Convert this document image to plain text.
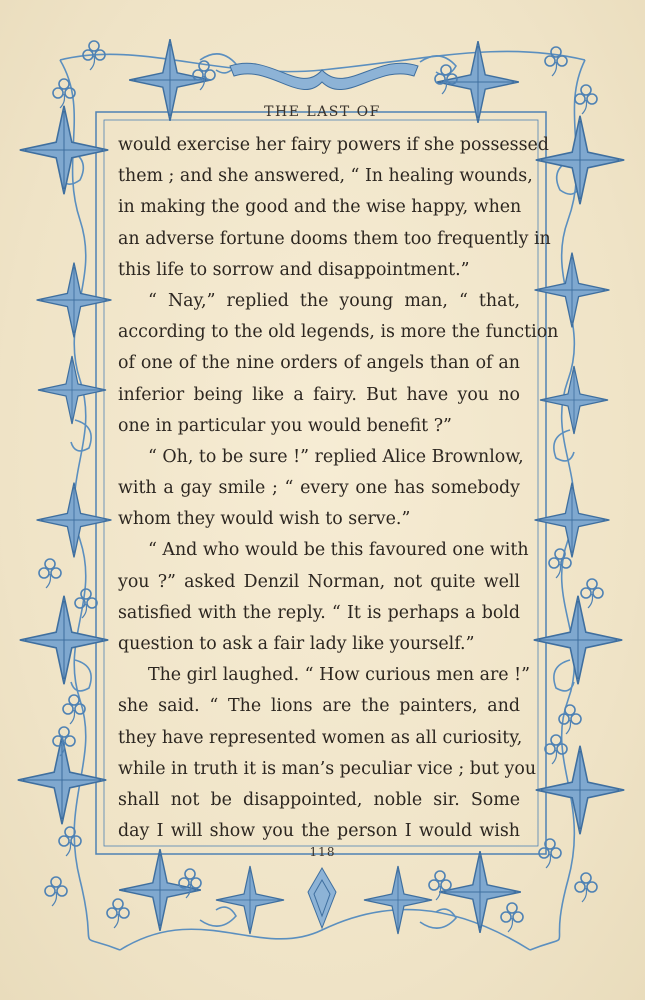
THE LAST OF
would exercise her fairy powers if she possessed
them ; and she answered, “ In healing wounds,
in making the good and the wise happy, when
an adverse fortune dooms them too frequently in
this life to sorrow and disappointment.”
“ Nay,” replied the young man, “ that,
according to the old legends, is more the function
of one of the nine orders of angels than of an
inferior being like a fairy. But have you no
one in particular you would benefit ?”
“ Oh, to be sure !” replied Alice Brownlow,
with a gay smile ; “ every one has somebody
whom they would wish to serve.”
“ And who would be this favoured one with
you ?” asked Denzil Norman, not quite well
satisfied with the reply. “ It is perhaps a bold
question to ask a fair lady like yourself.”
The girl laughed. “ How curious men are !”
she said. “ The lions are the painters, and
they have represented women as all curiosity,
while in truth it is man’s peculiar vice ; but you
shall not be disappointed, noble sir. Some
day I will show you the person I would wish
118
